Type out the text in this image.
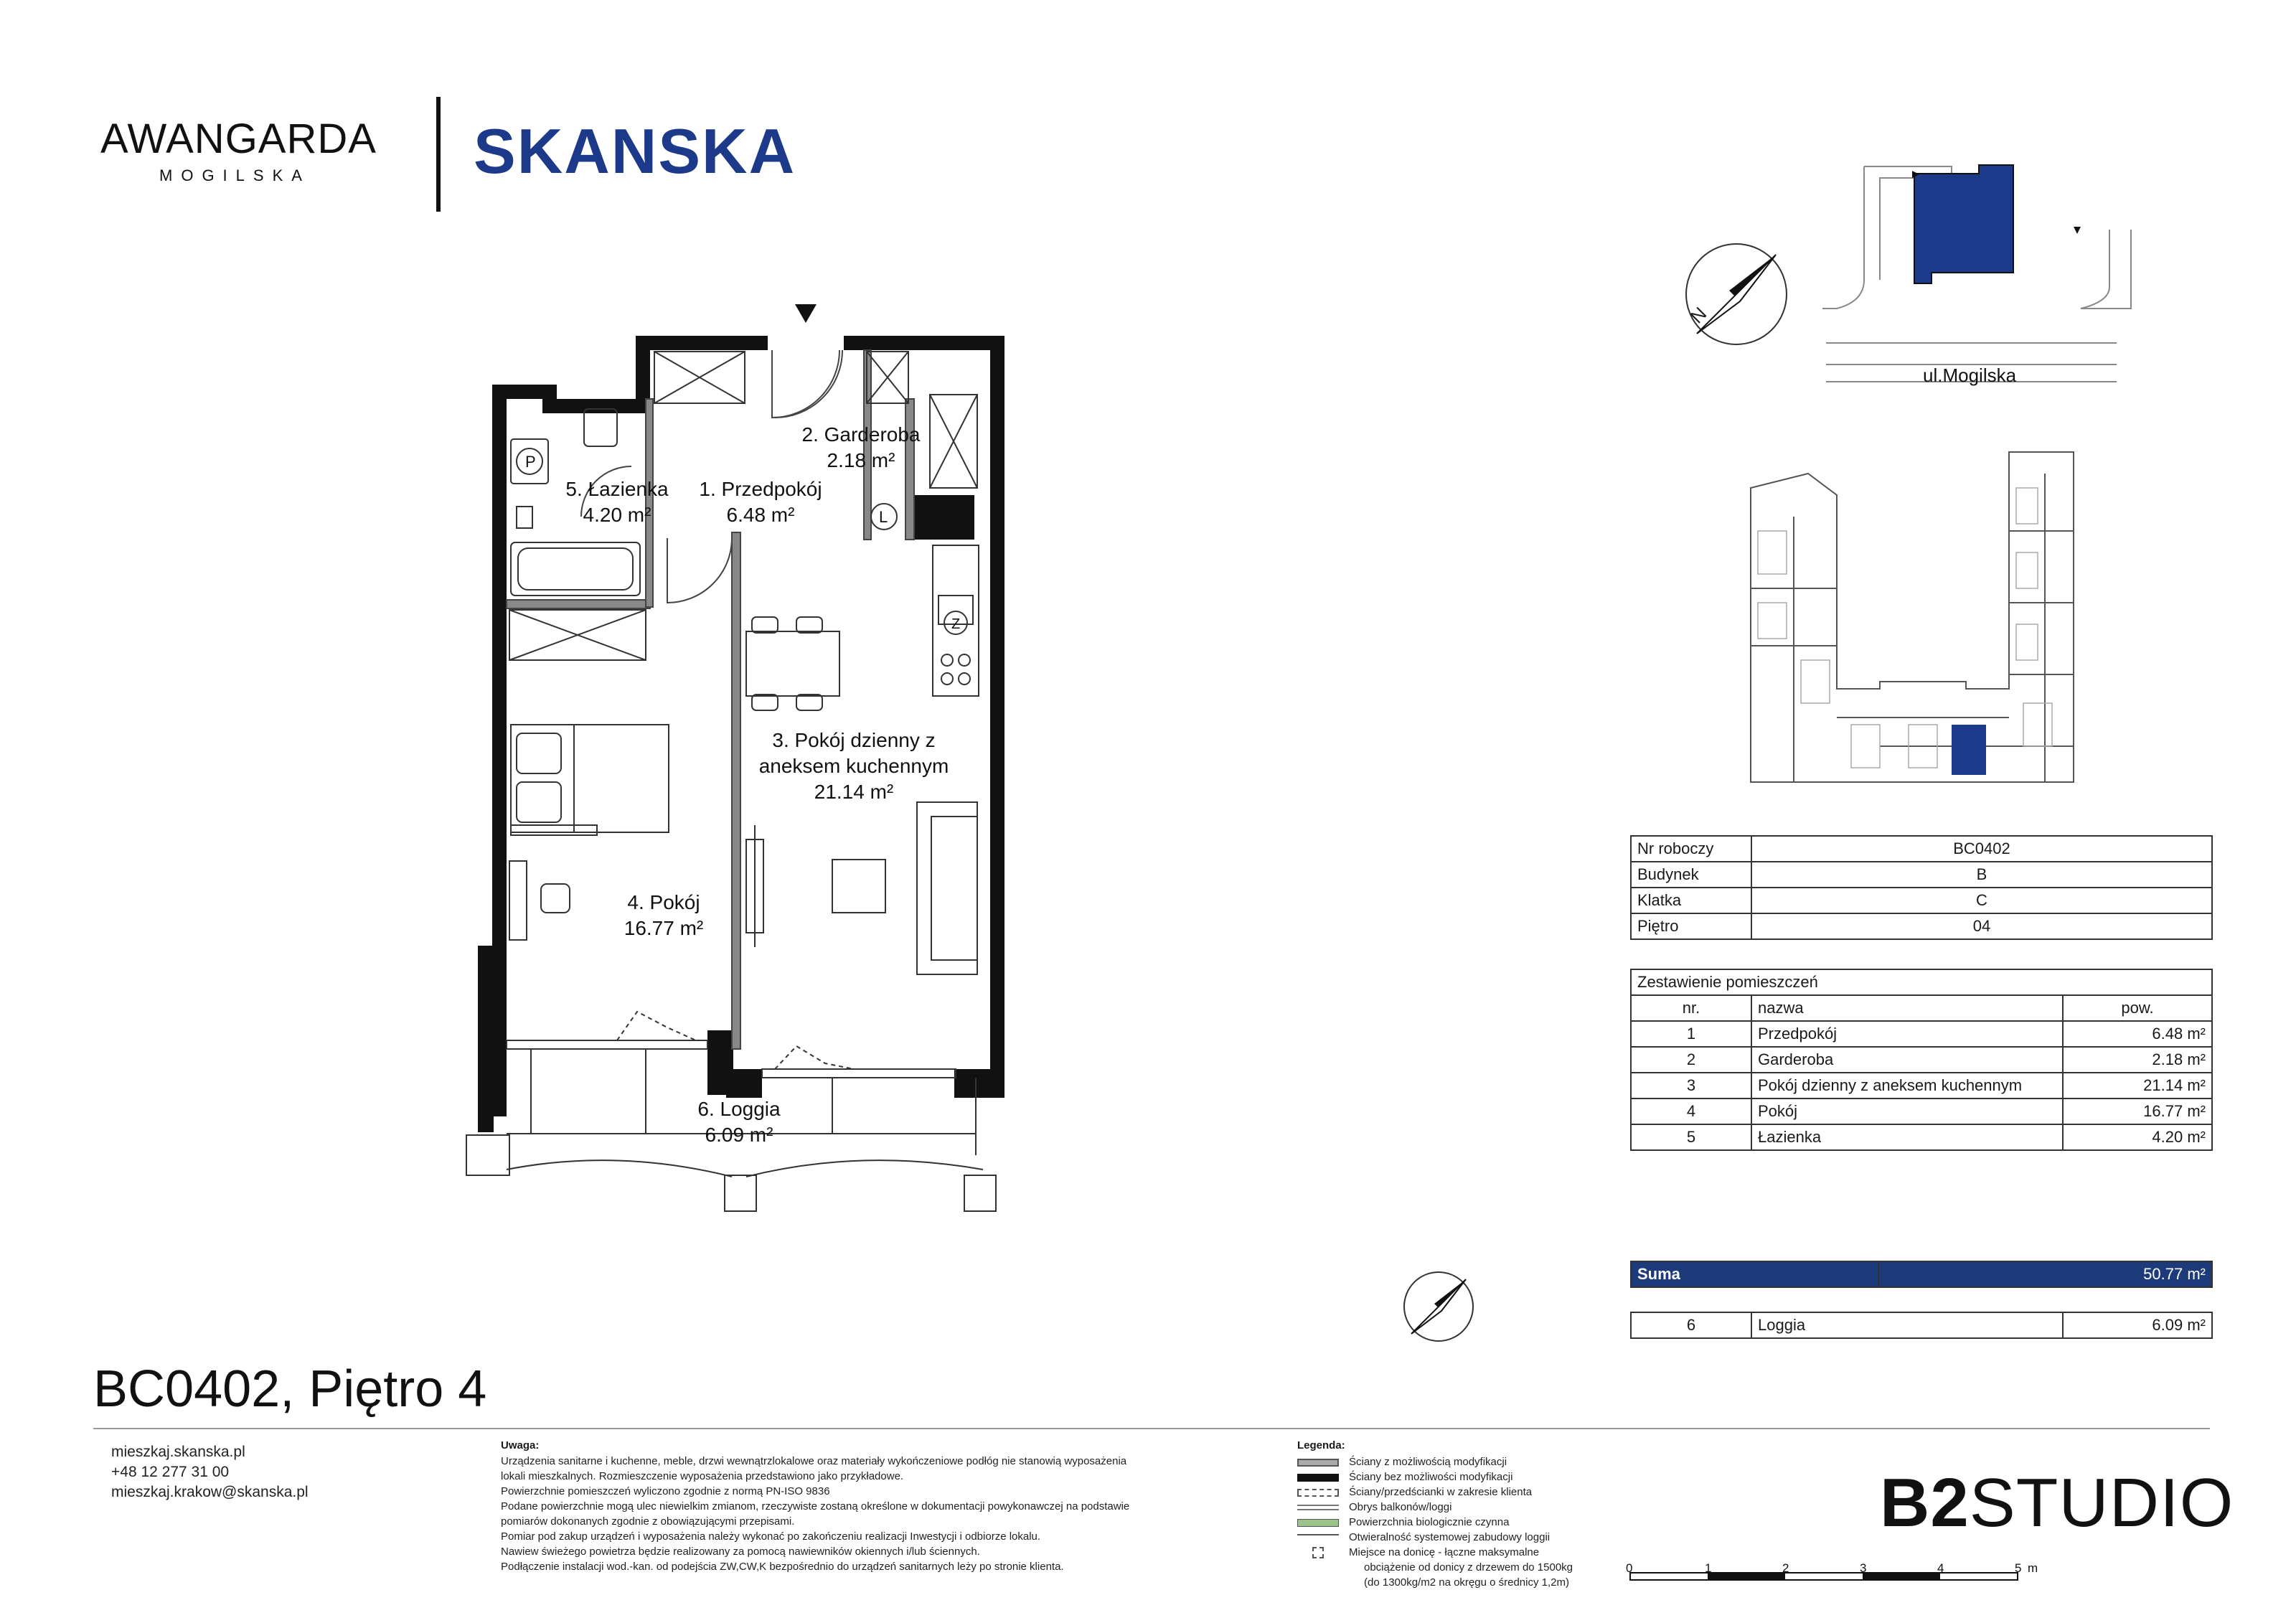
AWANGARDA
MOGILSKA	SKANSKA
P
L
Z
2. Garderoba
2.18 m²
1. Przedpokój
6.48 m²
5. Łazienka
4.20 m²
3. Pokój dzienny z
aneksem kuchennym
21.14 m²
4. Pokój
16.77 m²
6. Loggia
6.09 m²
N
ul.Mogilska
Nr roboczy	BC0402
Budynek	B
Klatka	C
Piętro	04
Zestawienie pomieszczeń		
nr.	nazwa	pow.
1	Przedpokój	6.48 m²
2	Garderoba	2.18 m²
3	Pokój dzienny z aneksem kuchennym	21.14 m²
4	Pokój	16.77 m²
5	Łazienka	4.20 m²
Suma	50.77 m²
6	Loggia	6.09 m²
BC0402, Piętro 4
mieszkaj.skanska.pl
+48 12 277 31 00
mieszkaj.krakow@skanska.pl
Uwaga:
Urządzenia sanitarne i kuchenne, meble, drzwi wewnątrzlokalowe oraz materiały wykończeniowe podłóg nie stanowią wyposażenia
lokali mieszkalnych. Rozmieszczenie wyposażenia przedstawiono jako przykładowe.
Powierzchnie pomieszczeń wyliczono zgodnie z normą PN-ISO 9836
Podane powierzchnie mogą ulec niewielkim zmianom, rzeczywiste zostaną określone w dokumentacji powykonawczej na podstawie
pomiarów dokonanych zgodnie z obowiązującymi przepisami.
Pomiar pod zakup urządzeń i wyposażenia należy wykonać po zakończeniu realizacji Inwestycji i odbiorze lokalu.
Nawiew świeżego powietrza będzie realizowany za pomocą nawiewników okiennych i/lub ściennych.
Podłączenie instalacji wod.-kan. od podejścia ZW,CW,K bezpośrednio do urządzeń sanitarnych leży po stronie klienta.
Legenda:
Ściany z możliwością modyfikacji
Ściany bez możliwości modyfikacji
Ściany/przedścianki w zakresie klienta
Obrys balkonów/loggi
Powierzchnia biologicznie czynna
Otwieralność systemowej zabudowy loggii
Miejsce na donicę - łączne maksymalne
obciążenie od donicy z drzewem do 1500kg
(do 1300kg/m2 na okręgu o średnicy 1,2m)
0	1	2	3	4	5 m
B2STUDIO
